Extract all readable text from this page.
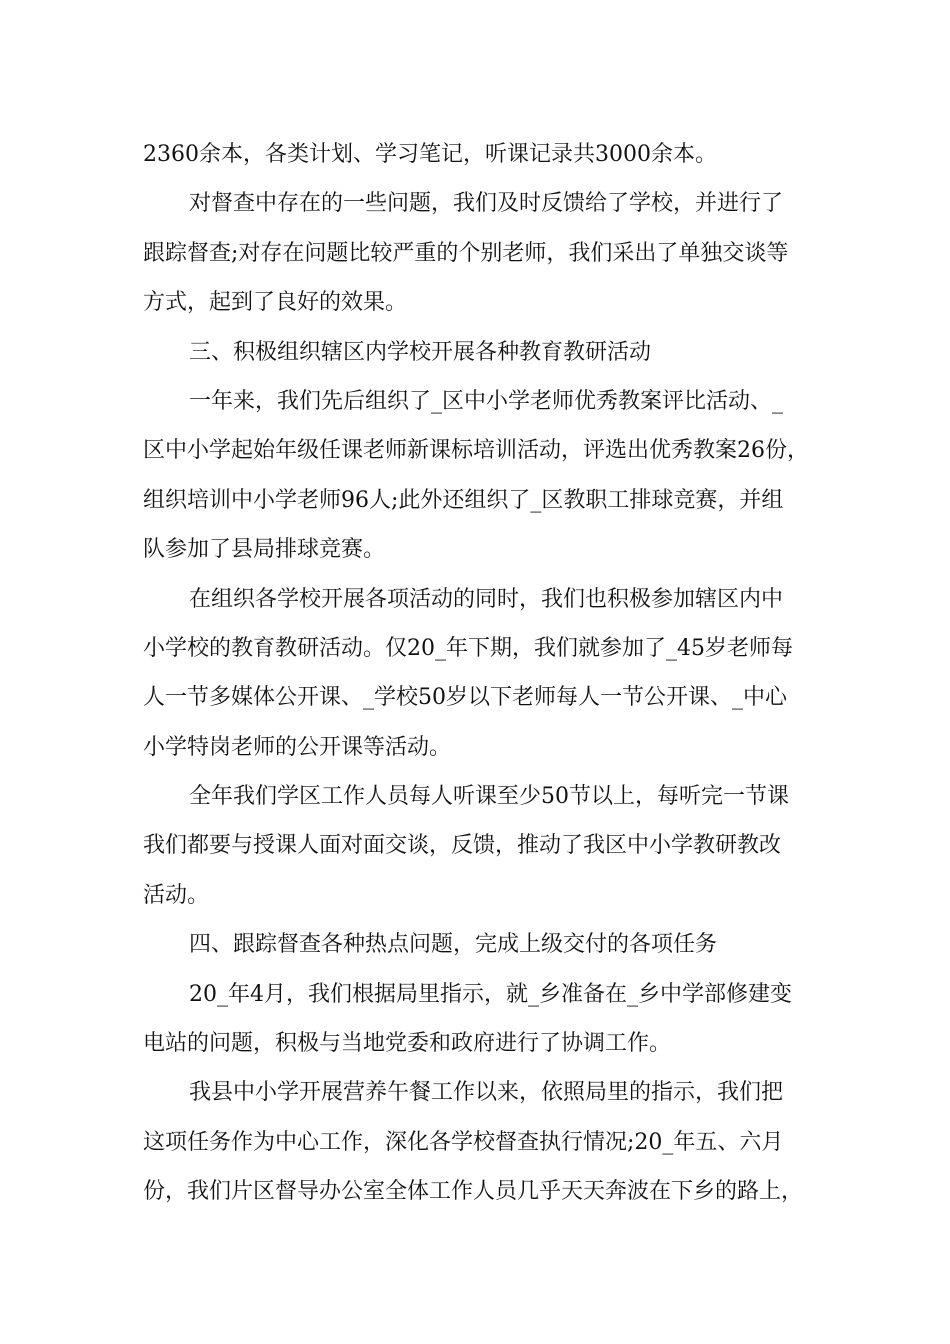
2360余本，各类计划、学习笔记，听课记录共3000余本。
对督查中存在的一些问题，我们及时反馈给了学校，并进行了
跟踪督查;对存在问题比较严重的个别老师，我们采出了单独交谈等
方式，起到了良好的效果。
三、积极组织辖区内学校开展各种教育教研活动
一年来，我们先后组织了_区中小学老师优秀教案评比活动、_
区中小学起始年级任课老师新课标培训活动，评选出优秀教案26份，
组织培训中小学老师96人;此外还组织了_区教职工排球竞赛，并组
队参加了县局排球竞赛。
在组织各学校开展各项活动的同时，我们也积极参加辖区内中
小学校的教育教研活动。仅20_年下期，我们就参加了_45岁老师每
人一节多媒体公开课、_学校50岁以下老师每人一节公开课、_中心
小学特岗老师的公开课等活动。
全年我们学区工作人员每人听课至少50节以上，每听完一节课
我们都要与授课人面对面交谈，反馈，推动了我区中小学教研教改
活动。
四、跟踪督查各种热点问题，完成上级交付的各项任务
20_年4月，我们根据局里指示，就_乡准备在_乡中学部修建变
电站的问题，积极与当地党委和政府进行了协调工作。
我县中小学开展营养午餐工作以来，依照局里的指示，我们把
这项任务作为中心工作，深化各学校督查执行情况;20_年五、六月
份，我们片区督导办公室全体工作人员几乎天天奔波在下乡的路上，
